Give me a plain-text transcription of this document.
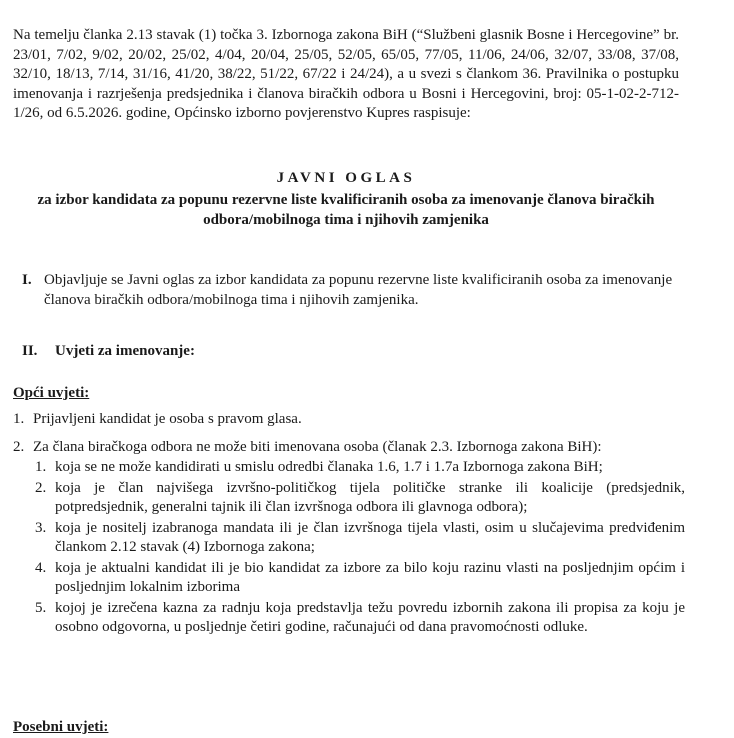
Na temelju članka 2.13 stavak (1) točka 3. Izbornoga zakona BiH (“Službeni glasnik Bosne i Hercegovine” br. 23/01, 7/02, 9/02, 20/02, 25/02, 4/04, 20/04, 25/05, 52/05, 65/05, 77/05, 11/06, 24/06, 32/07, 33/08, 37/08, 32/10, 18/13, 7/14, 31/16, 41/20, 38/22, 51/22, 67/22 i 24/24), a u svezi s člankom 36. Pravilnika o postupku imenovanja i razrješenja predsjednika i članova biračkih odbora u Bosni i Hercegovini, broj: 05-1-02-2-712-1/26, od 6.5.2026. godine, Općinsko izborno povjerenstvo Kupres raspisuje:
JAVNI OGLAS
za izbor kandidata za popunu rezervne liste kvalificiranih osoba za imenovanje članova biračkih odbora/mobilnoga tima i njihovih zamjenika
I. Objavljuje se Javni oglas za izbor kandidata za popunu rezervne liste kvalificiranih osoba za imenovanje članova biračkih odbora/mobilnoga tima i njihovih zamjenika.
II. Uvjeti za imenovanje:
Opći uvjeti:
1. Prijavljeni kandidat je osoba s pravom glasa.
2. Za člana biračkoga odbora ne može biti imenovana osoba (članak 2.3. Izbornoga zakona BiH):
1. koja se ne može kandidirati u smislu odredbi članaka 1.6, 1.7 i 1.7a Izbornoga zakona BiH;
2. koja je član najvišega izvršno-političkog tijela političke stranke ili koalicije (predsjednik, potpredsjednik, generalni tajnik ili član izvršnoga odbora ili glavnoga odbora);
3. koja je nositelj izabranoga mandata ili je član izvršnoga tijela vlasti, osim u slučajevima predviđenim člankom 2.12 stavak (4) Izbornoga zakona;
4. koja je aktualni kandidat ili je bio kandidat za izbore za bilo koju razinu vlasti na posljednjim općim i posljednjim lokalnim izborima
5. kojoj je izrečena kazna za radnju koja predstavlja težu povredu izbornih zakona ili propisa za koju je osobno odgovorna, u posljednje četiri godine, računajući od dana pravomoćnosti odluke.
Posebni uvjeti:
